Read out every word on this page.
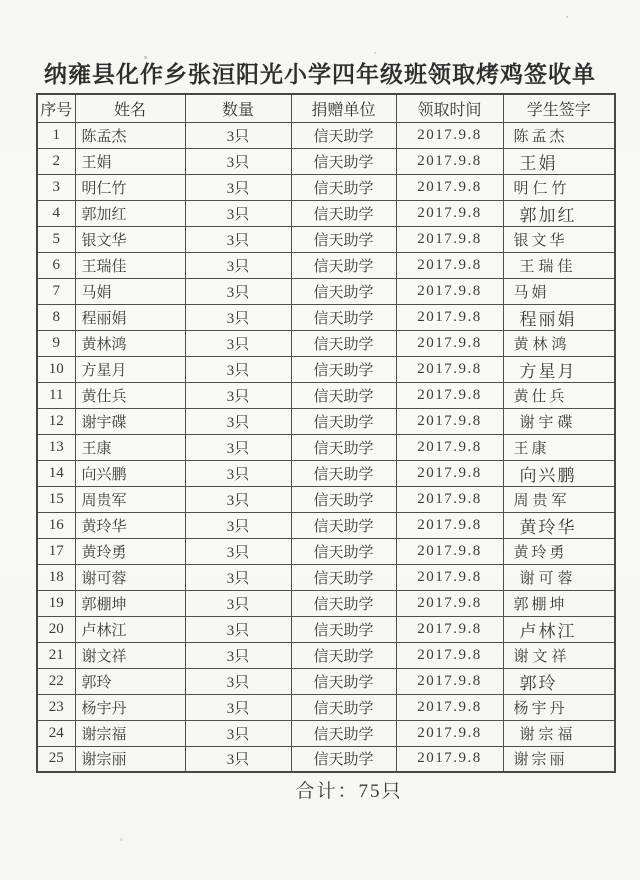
纳雍县化作乡张洹阳光小学四年级班领取烤鸡签收单
序号	姓名	数量	捐赠单位	领取时间	学生签字
1	陈孟杰	3只	信天助学	2017.9.8	陈孟杰
2	王娟	3只	信天助学	2017.9.8	王娟
3	明仁竹	3只	信天助学	2017.9.8	明仁竹
4	郭加红	3只	信天助学	2017.9.8	郭加红
5	银文华	3只	信天助学	2017.9.8	银文华
6	王瑞佳	3只	信天助学	2017.9.8	王瑞佳
7	马娟	3只	信天助学	2017.9.8	马娟
8	程丽娟	3只	信天助学	2017.9.8	程丽娟
9	黄林鸿	3只	信天助学	2017.9.8	黄林鸿
10	方星月	3只	信天助学	2017.9.8	方星月
11	黄仕兵	3只	信天助学	2017.9.8	黄仕兵
12	谢宇碟	3只	信天助学	2017.9.8	谢宇碟
13	王康	3只	信天助学	2017.9.8	王康
14	向兴鹏	3只	信天助学	2017.9.8	向兴鹏
15	周贵军	3只	信天助学	2017.9.8	周贵军
16	黄玲华	3只	信天助学	2017.9.8	黄玲华
17	黄玲勇	3只	信天助学	2017.9.8	黄玲勇
18	谢可蓉	3只	信天助学	2017.9.8	谢可蓉
19	郭棚坤	3只	信天助学	2017.9.8	郭棚坤
20	卢林江	3只	信天助学	2017.9.8	卢林江
21	谢文祥	3只	信天助学	2017.9.8	谢文祥
22	郭玲	3只	信天助学	2017.9.8	郭玲
23	杨宇丹	3只	信天助学	2017.9.8	杨宇丹
24	谢宗福	3只	信天助学	2017.9.8	谢宗福
25	谢宗丽	3只	信天助学	2017.9.8	谢宗丽
合计：75只
